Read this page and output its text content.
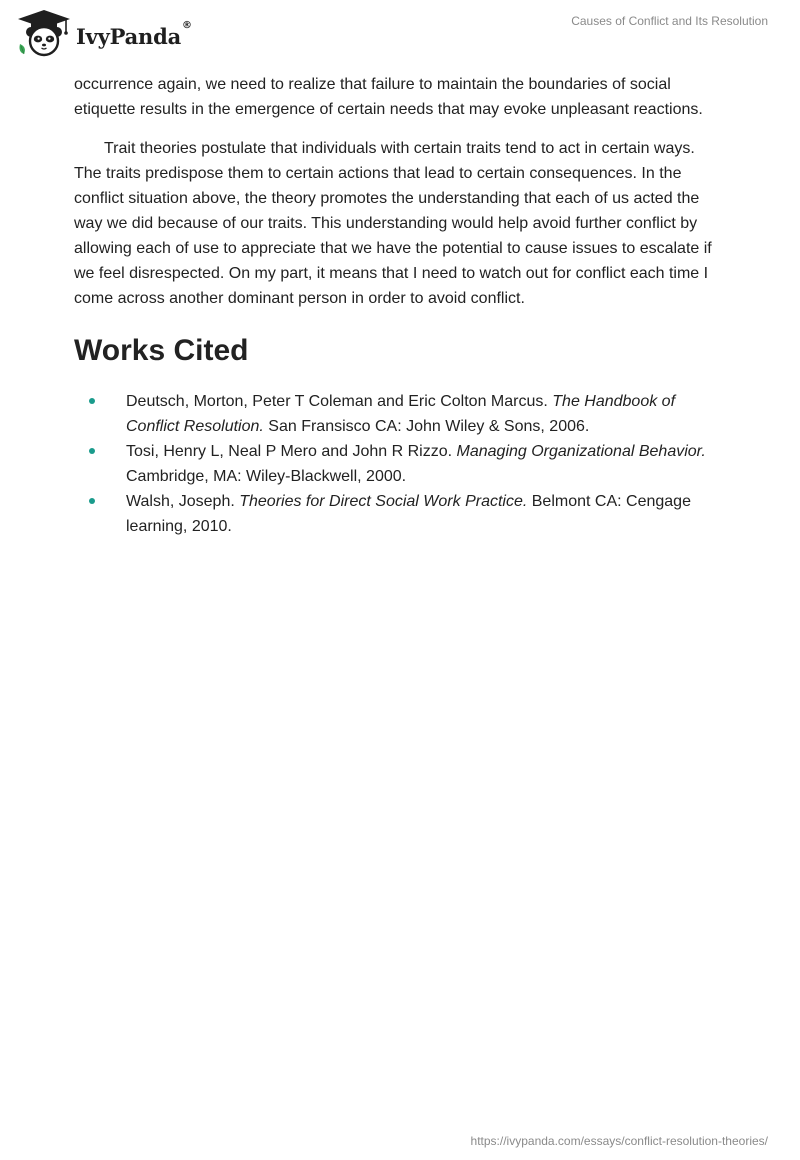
IvyPanda®	Causes of Conflict and Its Resolution

occurrence again, we need to realize that failure to maintain the boundaries of social etiquette results in the emergence of certain needs that may evoke unpleasant reactions.

Trait theories postulate that individuals with certain traits tend to act in certain ways. The traits predispose them to certain actions that lead to certain consequences. In the conflict situation above, the theory promotes the understanding that each of us acted the way we did because of our traits. This understanding would help avoid further conflict by allowing each of use to appreciate that we have the potential to cause issues to escalate if we feel disrespected. On my part, it means that I need to watch out for conflict each time I come across another dominant person in order to avoid conflict.

Works Cited
Deutsch, Morton, Peter T Coleman and Eric Colton Marcus. The Handbook of Conflict Resolution. San Fransisco CA: John Wiley & Sons, 2006.
Tosi, Henry L, Neal P Mero and John R Rizzo. Managing Organizational Behavior. Cambridge, MA: Wiley-Blackwell, 2000.
Walsh, Joseph. Theories for Direct Social Work Practice. Belmont CA: Cengage learning, 2010.
https://ivypanda.com/essays/conflict-resolution-theories/
